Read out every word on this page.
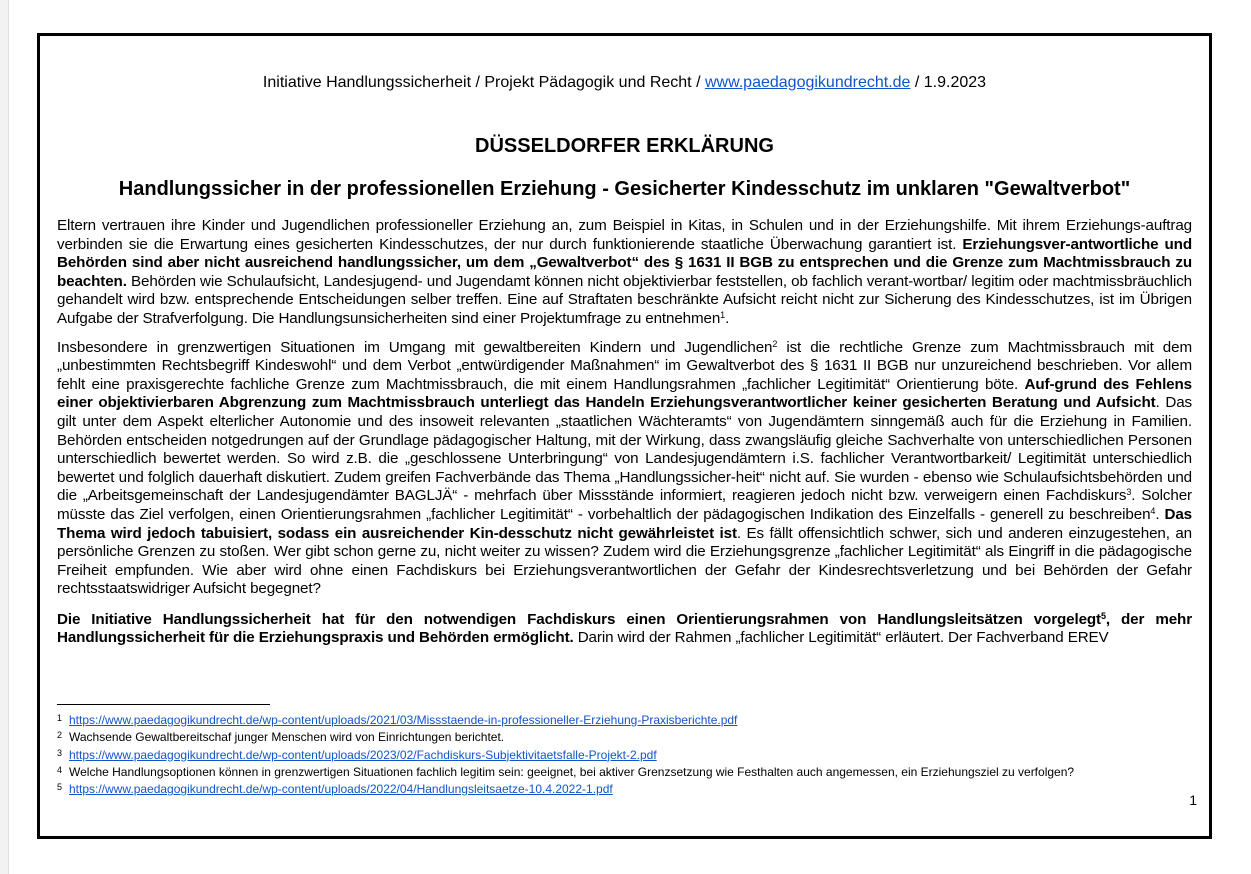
Initiative Handlungssicherheit / Projekt Pädagogik und Recht / www.paedagogikundrecht.de / 1.9.2023
DÜSSELDORFER ERKLÄRUNG
Handlungssicher in der professionellen Erziehung - Gesicherter Kindesschutz im unklaren "Gewaltverbot"

Eltern vertrauen ihre Kinder und Jugendlichen professioneller Erziehung an, zum Beispiel in Kitas, in Schulen und in der Erziehungshilfe. Mit ihrem Erziehungs-auftrag verbinden sie die Erwartung eines gesicherten Kindesschutzes, der nur durch funktionierende staatliche Überwachung garantiert ist. Erziehungsver-antwortliche und Behörden sind aber nicht ausreichend handlungssicher, um dem „Gewaltverbot“ des § 1631 II BGB zu entsprechen und die Grenze zum Machtmissbrauch zu beachten. Behörden wie Schulaufsicht, Landesjugend- und Jugendamt können nicht objektivierbar feststellen, ob fachlich verant-wortbar/ legitim oder machtmissbräuchlich gehandelt wird bzw. entsprechende Entscheidungen selber treffen. Eine auf Straftaten beschränkte Aufsicht reicht nicht zur Sicherung des Kindesschutzes, ist im Übrigen Aufgabe der Strafverfolgung. Die Handlungsunsicherheiten sind einer Projektumfrage zu entnehmen$^1$.

Insbesondere in grenzwertigen Situationen im Umgang mit gewaltbereiten Kindern und Jugendlichen$^2$ ist die rechtliche Grenze zum Machtmissbrauch mit dem „unbestimmten Rechtsbegriff Kindeswohl“ und dem Verbot „entwürdigender Maßnahmen“ im Gewaltverbot des § 1631 II BGB nur unzureichend beschrieben. Vor allem fehlt eine praxisgerechte fachliche Grenze zum Machtmissbrauch, die mit einem Handlungsrahmen „fachlicher Legitimität“ Orientierung böte. Auf-grund des Fehlens einer objektivierbaren Abgrenzung zum Machtmissbrauch unterliegt das Handeln Erziehungsverantwortlicher keiner gesicherten Beratung und Aufsicht. Das gilt unter dem Aspekt elterlicher Autonomie und des insoweit relevanten „staatlichen Wächteramts“ von Jugendämtern sinngemäß auch für die Erziehung in Familien. Behörden entscheiden notgedrungen auf der Grundlage pädagogischer Haltung, mit der Wirkung, dass zwangsläufig gleiche Sachverhalte von unterschiedlichen Personen unterschiedlich bewertet werden. So wird z.B. die „geschlossene Unterbringung“ von Landesjugendämtern i.S. fachlicher Verantwortbarkeit/ Legitimität unterschiedlich bewertet und folglich dauerhaft diskutiert. Zudem greifen Fachverbände das Thema „Handlungssicher-heit“ nicht auf. Sie wurden - ebenso wie Schulaufsichtsbehörden und die „Arbeitsgemeinschaft der Landesjugendämter BAGLJÄ“ - mehrfach über Missstände informiert, reagieren jedoch nicht bzw. verweigern einen Fachdiskurs$^3$. Solcher müsste das Ziel verfolgen, einen Orientierungsrahmen „fachlicher Legitimität“ - vorbehaltlich der pädagogischen Indikation des Einzelfalls - generell zu beschreiben$^4$. Das Thema wird jedoch tabuisiert, sodass ein ausreichender Kin-desschutz nicht gewährleistet ist. Es fällt offensichtlich schwer, sich und anderen einzugestehen, an persönliche Grenzen zu stoßen. Wer gibt schon gerne zu, nicht weiter zu wissen? Zudem wird die Erziehungsgrenze „fachlicher Legitimität“ als Eingriff in die pädagogische Freiheit empfunden. Wie aber wird ohne einen Fachdiskurs bei Erziehungsverantwortlichen der Gefahr der Kindesrechtsverletzung und bei Behörden der Gefahr rechtsstaatswidriger Aufsicht begegnet?

Die Initiative Handlungssicherheit hat für den notwendigen Fachdiskurs einen Orientierungsrahmen von Handlungsleitsätzen vorgelegt$^5$, der mehr Handlungssicherheit für die Erziehungspraxis und Behörden ermöglicht. Darin wird der Rahmen „fachlicher Legitimität“ erläutert. Der Fachverband EREV

1 https://www.paedagogikundrecht.de/wp-content/uploads/2021/03/Missstaende-in-professioneller-Erziehung-Praxisberichte.pdf
2 Wachsende Gewaltbereitschaf junger Menschen wird von Einrichtungen berichtet.
3 https://www.paedagogikundrecht.de/wp-content/uploads/2023/02/Fachdiskurs-Subjektivitaetsfalle-Projekt-2.pdf
4 Welche Handlungsoptionen können in grenzwertigen Situationen fachlich legitim sein: geeignet, bei aktiver Grenzsetzung wie Festhalten auch angemessen, ein Erziehungsziel zu verfolgen?
5 https://www.paedagogikundrecht.de/wp-content/uploads/2022/04/Handlungsleitsaetze-10.4.2022-1.pdf
1
